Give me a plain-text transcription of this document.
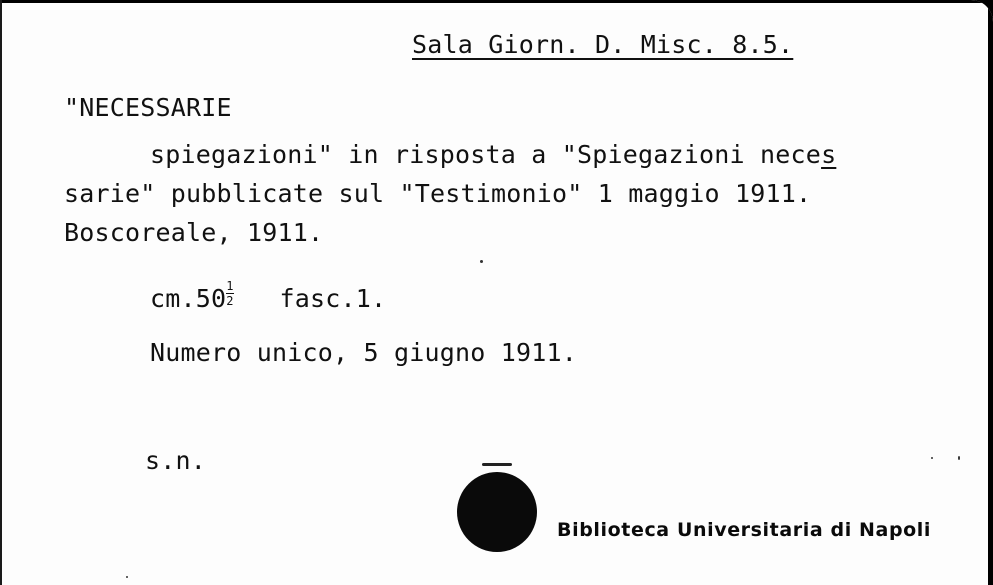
Sala Giorn. D. Misc. 8.5.
"NECESSARIE
spiegazioni" in risposta a "Spiegazioni neces
sarie" pubblicate sul "Testimonio" 1 maggio 1911.
Boscoreale, 1911.
$cm.50 \frac{1}{2}$ fasc.1.
Numero unico, 5 giugno 1911.
s.n.
Biblioteca Universitaria di Napoli
